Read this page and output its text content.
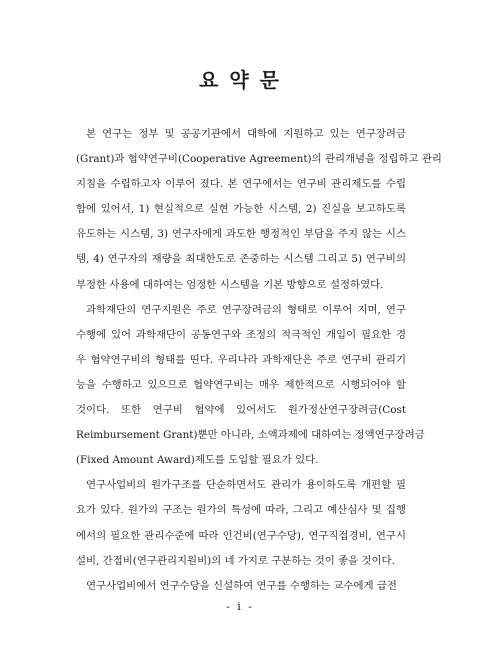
요 약 문
본 연구는 정부 및 공공기관에서 대학에 지원하고 있는 연구장려금
(Grant)과 협약연구비(Cooperative Agreement)의 관리개념을 정립하고 관리
지침을 수립하고자 이루어 졌다. 본 연구에서는 연구비 관리제도를 수립
함에 있어서, 1) 현실적으로 실현 가능한 시스템, 2) 진실을 보고하도록
유도하는 시스템, 3) 연구자에게 과도한 행정적인 부담을 주지 않는 시스
템, 4) 연구자의 재량을 최대한도로 존중하는 시스템 그리고 5) 연구비의
부정한 사용에 대하여는 엄정한 시스템을 기본 방향으로 설정하였다.
과학재단의 연구지원은 주로 연구장려금의 형태로 이루어 지며, 연구
수행에 있어 과학재단이 공동연구와 조정의 적극적인 개입이 필요한 경
우 협약연구비의 형태를 띤다. 우리나라 과학재단은 주로 연구비 관리기
능을 수행하고 있으므로 협약연구비는 매우 제한적으로 시행되어야 할
것이다. 또한 연구비 협약에 있어서도 원가정산연구장려금(Cost
Reimbursement Grant)뿐만 아니라, 소액과제에 대하여는 정액연구장려금
(Fixed Amount Award)제도를 도입할 필요가 있다.
연구사업비의 원가구조를 단순하면서도 관리가 용이하도록 개편할 필
요가 있다. 원가의 구조는 원가의 특성에 따라, 그리고 예산심사 및 집행
에서의 필요한 관리수준에 따라 인건비(연구수당), 연구직접경비, 연구시
설비, 간접비(연구관리지원비)의 네 가지로 구분하는 것이 좋을 것이다.
연구사업비에서 연구수당을 신설하여 연구를 수행하는 교수에게 급전
- i -
